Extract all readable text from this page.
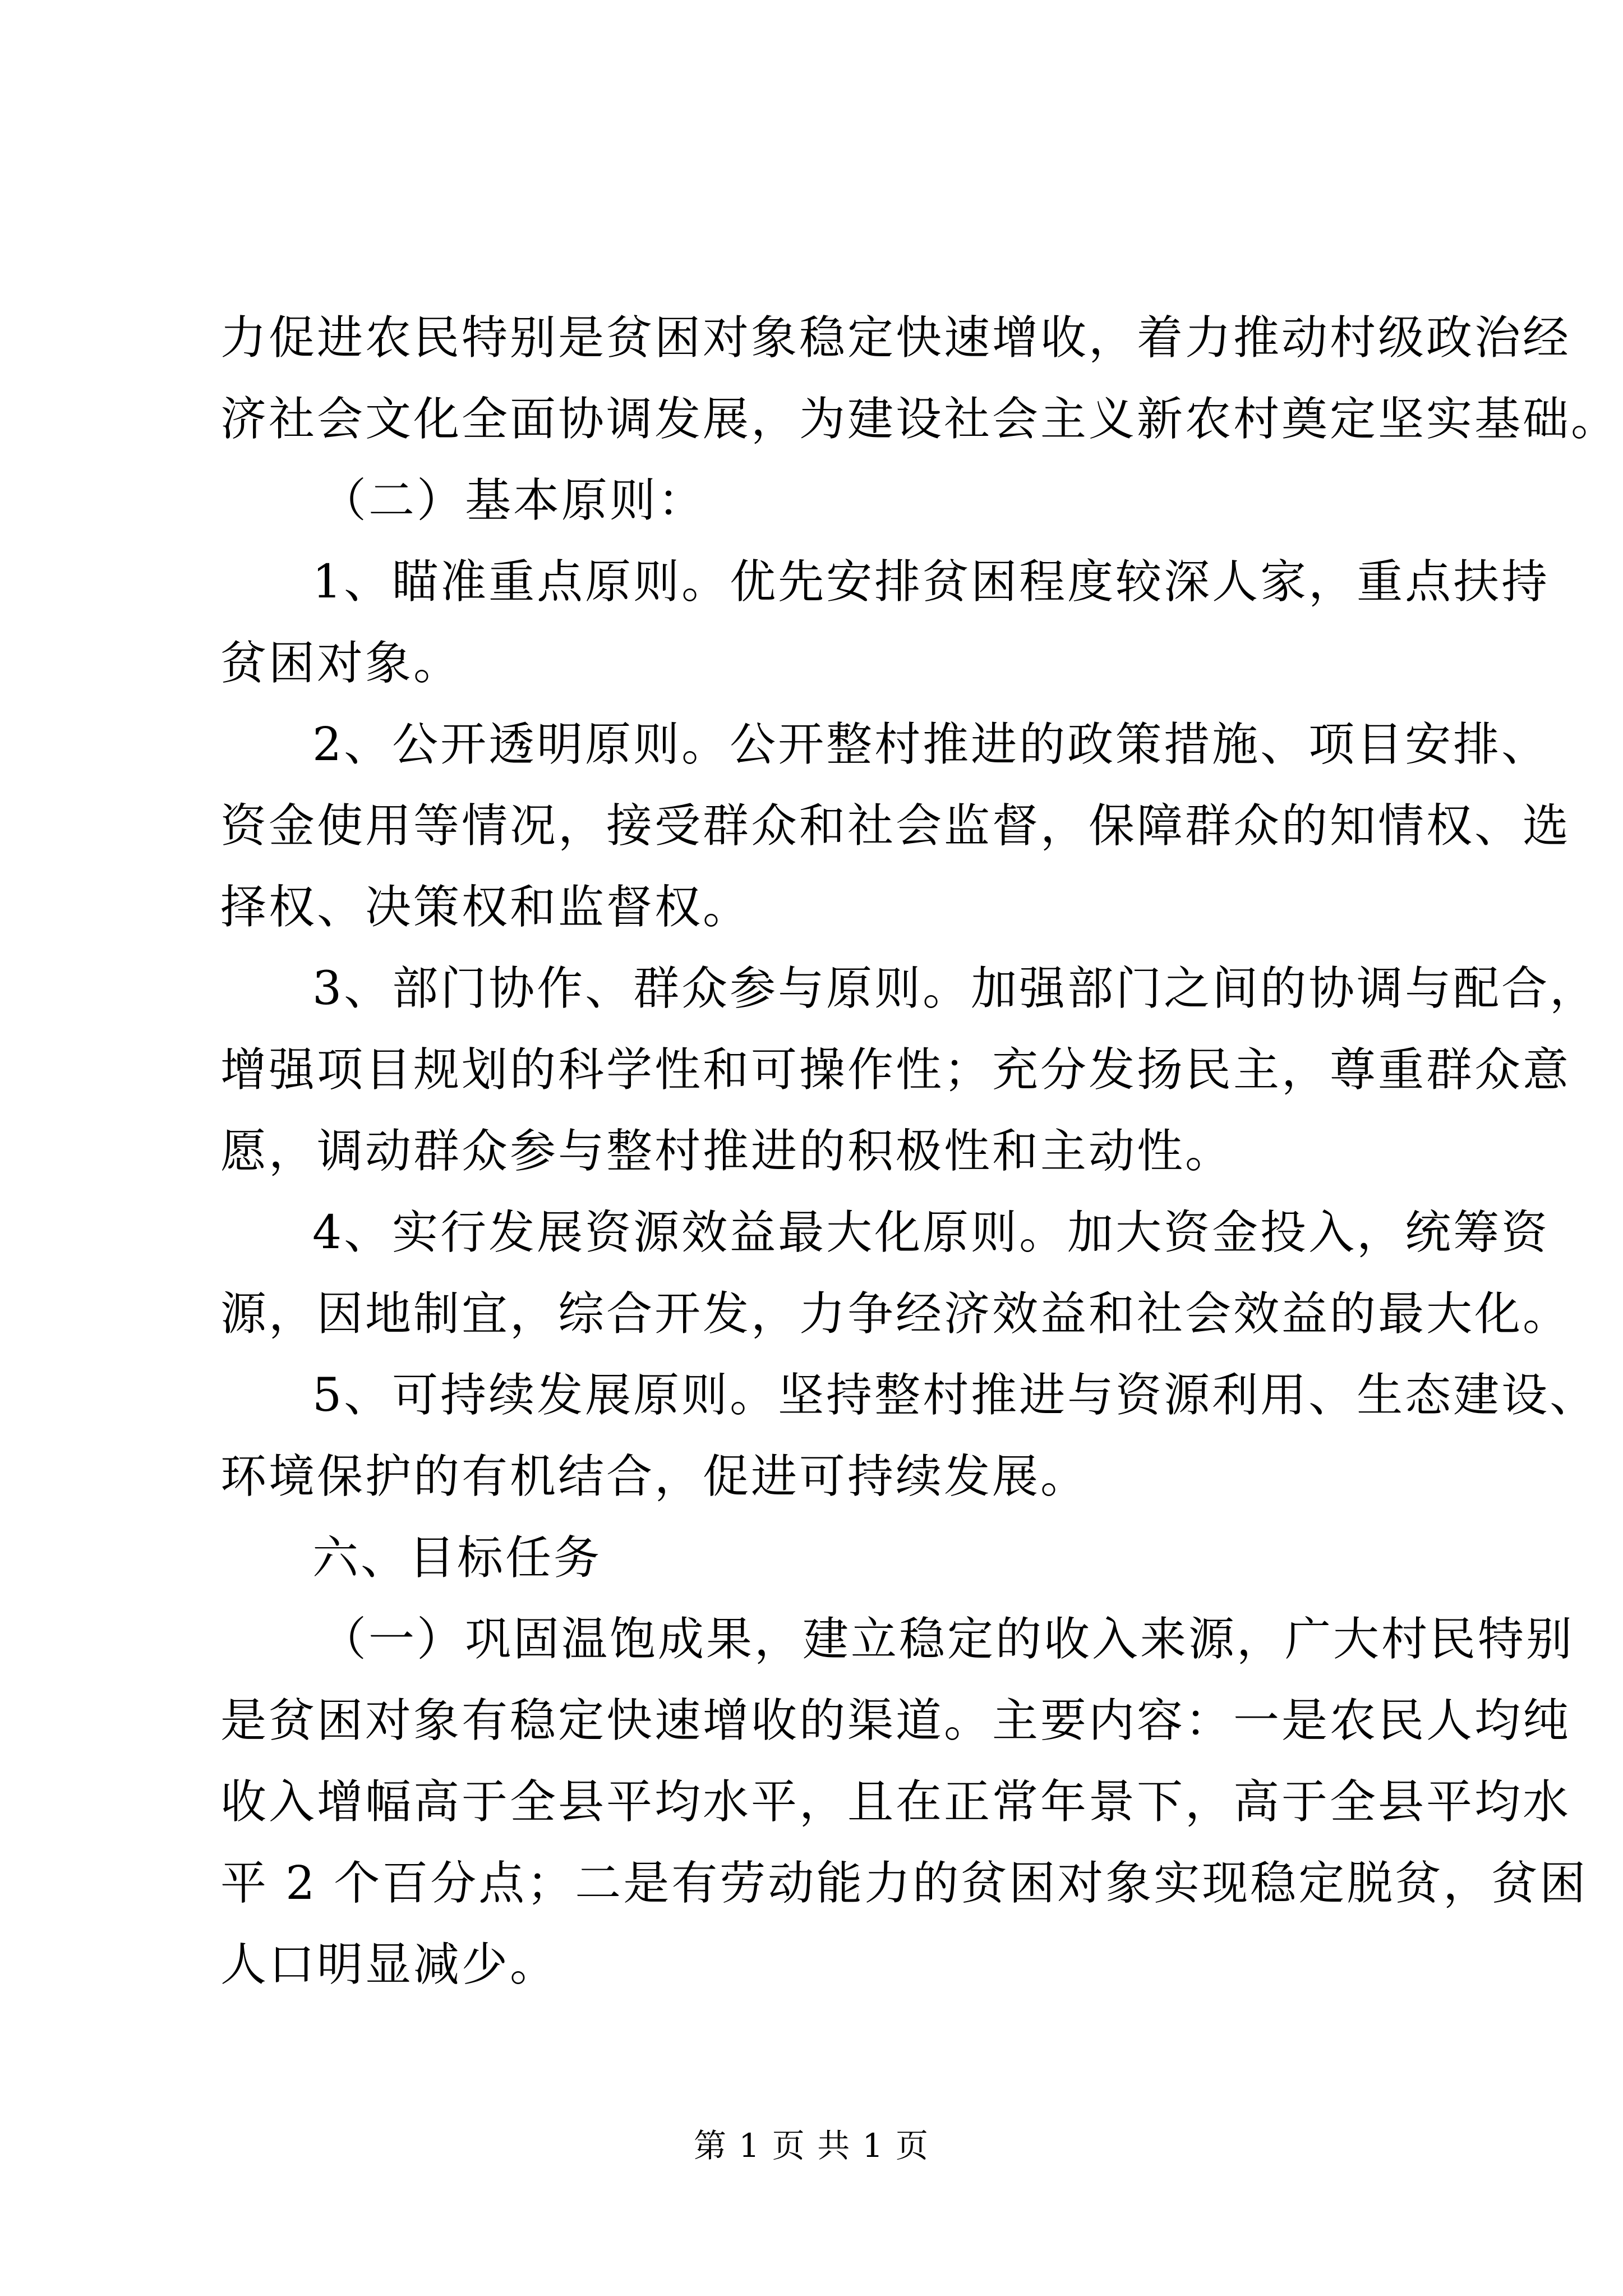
力促进农民特别是贫困对象稳定快速增收，着力推动村级政治经
济社会文化全面协调发展，为建设社会主义新农村奠定坚实基础。
（二）基本原则：
1、瞄准重点原则。优先安排贫困程度较深人家，重点扶持
贫困对象。
2、公开透明原则。公开整村推进的政策措施、项目安排、
资金使用等情况，接受群众和社会监督，保障群众的知情权、选
择权、决策权和监督权。
3、部门协作、群众参与原则。加强部门之间的协调与配合，
增强项目规划的科学性和可操作性；充分发扬民主，尊重群众意
愿，调动群众参与整村推进的积极性和主动性。
4、实行发展资源效益最大化原则。加大资金投入，统筹资
源，因地制宜，综合开发，力争经济效益和社会效益的最大化。
5、可持续发展原则。坚持整村推进与资源利用、生态建设、
环境保护的有机结合，促进可持续发展。
六、目标任务
（一）巩固温饱成果，建立稳定的收入来源，广大村民特别
是贫困对象有稳定快速增收的渠道。主要内容：一是农民人均纯
收入增幅高于全县平均水平，且在正常年景下，高于全县平均水
平 2 个百分点；二是有劳动能力的贫困对象实现稳定脱贫，贫困
人口明显减少。
第 1 页 共 1 页
